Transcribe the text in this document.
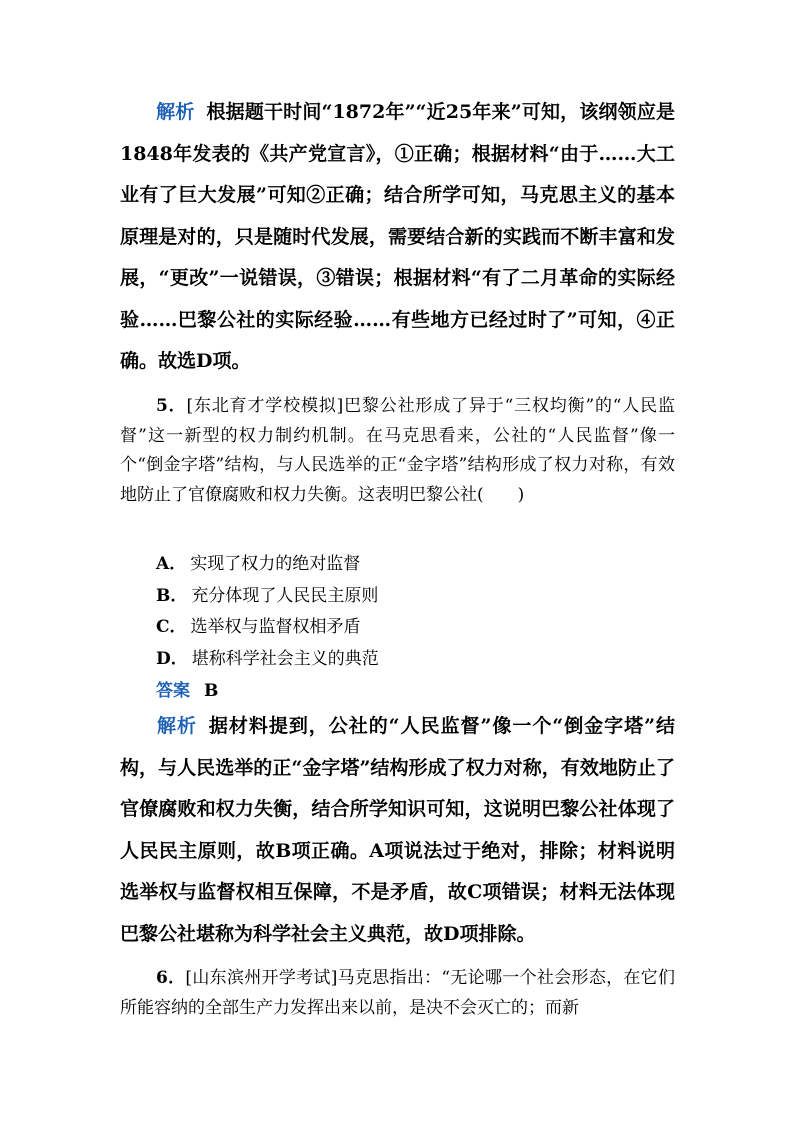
解析 根据题干时间“1872年”“近25年来”可知，该纲领应是1848年发表的《共产党宣言》，①正确；根据材料“由于……大工业有了巨大发展”可知②正确；结合所学可知，马克思主义的基本原理是对的，只是随时代发展，需要结合新的实践而不断丰富和发展，“更改”一说错误，③错误；根据材料“有了二月革命的实际经验……巴黎公社的实际经验……有些地方已经过时了”可知，④正确。故选D项。
5．[东北育才学校模拟]巴黎公社形成了异于“三权均衡”的“人民监督”这一新型的权力制约机制。在马克思看来，公社的“人民监督”像一个“倒金字塔”结构，与人民选举的正“金字塔”结构形成了权力对称，有效地防止了官僚腐败和权力失衡。这表明巴黎公社(　　)
A． 实现了权力的绝对监督
B． 充分体现了人民民主原则
C． 选举权与监督权相矛盾
D． 堪称科学社会主义的典范
答案 B
解析 据材料提到，公社的“人民监督”像一个“倒金字塔”结构，与人民选举的正“金字塔”结构形成了权力对称，有效地防止了官僚腐败和权力失衡，结合所学知识可知，这说明巴黎公社体现了人民民主原则，故B项正确。A项说法过于绝对，排除；材料说明选举权与监督权相互保障，不是矛盾，故C项错误；材料无法体现巴黎公社堪称为科学社会主义典范，故D项排除。
6．[山东滨州开学考试]马克思指出：“无论哪一个社会形态，在它们所能容纳的全部生产力发挥出来以前，是决不会灭亡的；而新
